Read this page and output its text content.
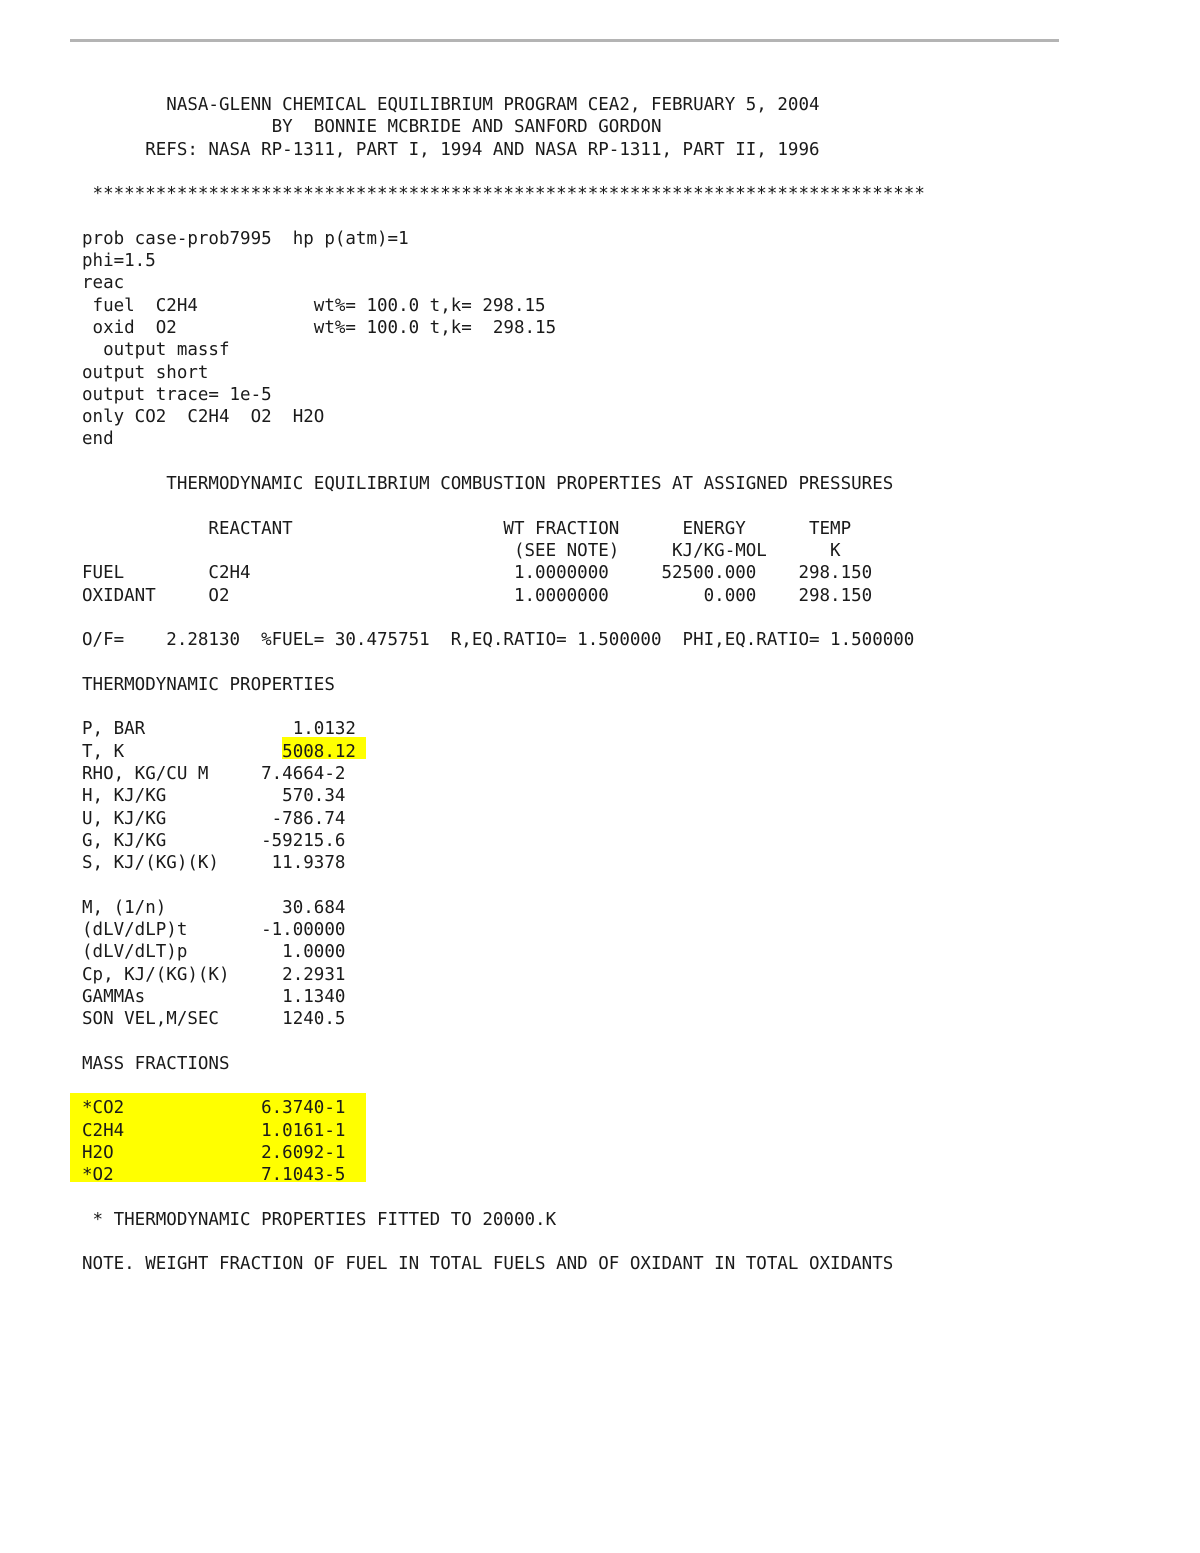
NASA-GLENN CHEMICAL EQUILIBRIUM PROGRAM CEA2, FEBRUARY 5, 2004
BY  BONNIE MCBRIDE AND SANFORD GORDON
REFS: NASA RP-1311, PART I, 1994 AND NASA RP-1311, PART II, 1996
*******************************************************************************
prob case-prob7995  hp p(atm)=1
phi=1.5
reac
fuel  C2H4           wt%= 100.0 t,k= 298.15
oxid  O2             wt%= 100.0 t,k=  298.15
output massf
output short
output trace= 1e-5
only CO2  C2H4  O2  H2O
end
THERMODYNAMIC EQUILIBRIUM COMBUSTION PROPERTIES AT ASSIGNED PRESSURES
REACTANT                    WT FRACTION      ENERGY      TEMP
(SEE NOTE)     KJ/KG-MOL      K
FUEL        C2H4                         1.0000000     52500.000    298.150
OXIDANT     O2                           1.0000000         0.000    298.150
O/F=    2.28130  %FUEL= 30.475751  R,EQ.RATIO= 1.500000  PHI,EQ.RATIO= 1.500000
THERMODYNAMIC PROPERTIES
P, BAR              1.0132
T, K               5008.12
RHO, KG/CU M     7.4664-2
H, KJ/KG           570.34
U, KJ/KG          -786.74
G, KJ/KG         -59215.6
S, KJ/(KG)(K)     11.9378
M, (1/n)           30.684
(dLV/dLP)t       -1.00000
(dLV/dLT)p         1.0000
Cp, KJ/(KG)(K)     2.2931
GAMMAs             1.1340
SON VEL,M/SEC      1240.5
MASS FRACTIONS
*CO2             6.3740-1
C2H4             1.0161-1
H2O              2.6092-1
*O2              7.1043-5
* THERMODYNAMIC PROPERTIES FITTED TO 20000.K
NOTE. WEIGHT FRACTION OF FUEL IN TOTAL FUELS AND OF OXIDANT IN TOTAL OXIDANTS
